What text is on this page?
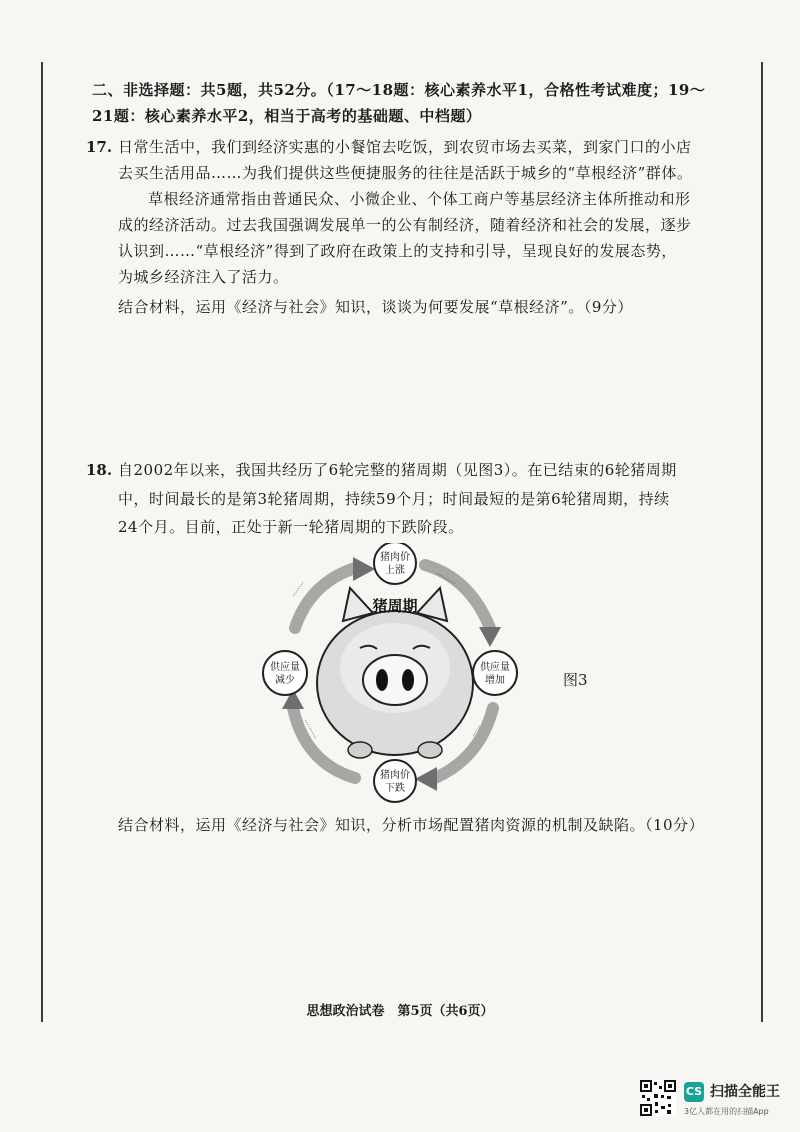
二、非选择题：共5题，共52分。（17～18题：核心素养水平1，合格性考试难度；19～
21题：核心素养水平2，相当于高考的基础题、中档题）
17. 日常生活中，我们到经济实惠的小餐馆去吃饭，到农贸市场去买菜，到家门口的小店
去买生活用品……为我们提供这些便捷服务的往往是活跃于城乡的“草根经济”群体。
草根经济通常指由普通民众、小微企业、个体工商户等基层经济主体所推动和形
成的经济活动。过去我国强调发展单一的公有制经济，随着经济和社会的发展，逐步
认识到……“草根经济”得到了政府在政策上的支持和引导，呈现良好的发展态势，
为城乡经济注入了活力。
结合材料，运用《经济与社会》知识，谈谈为何要发展“草根经济”。（9分）
18. 自2002年以来，我国共经历了6轮完整的猪周期（见图3）。在已结束的6轮猪周期
中，时间最长的是第3轮猪周期，持续59个月；时间最短的是第6轮猪周期，持续
24个月。目前，正处于新一轮猪周期的下跌阶段。
········
··········
······
··········
猪周期
猪肉价
上涨
供应量
增加
猪肉价
下跌
供应量
减少	图3
结合材料，运用《经济与社会》知识，分析市场配置猪肉资源的机制及缺陷。（10分）
思想政治试卷　第5页（共6页）
CS 扫描全能王
3亿人都在用的扫描App
